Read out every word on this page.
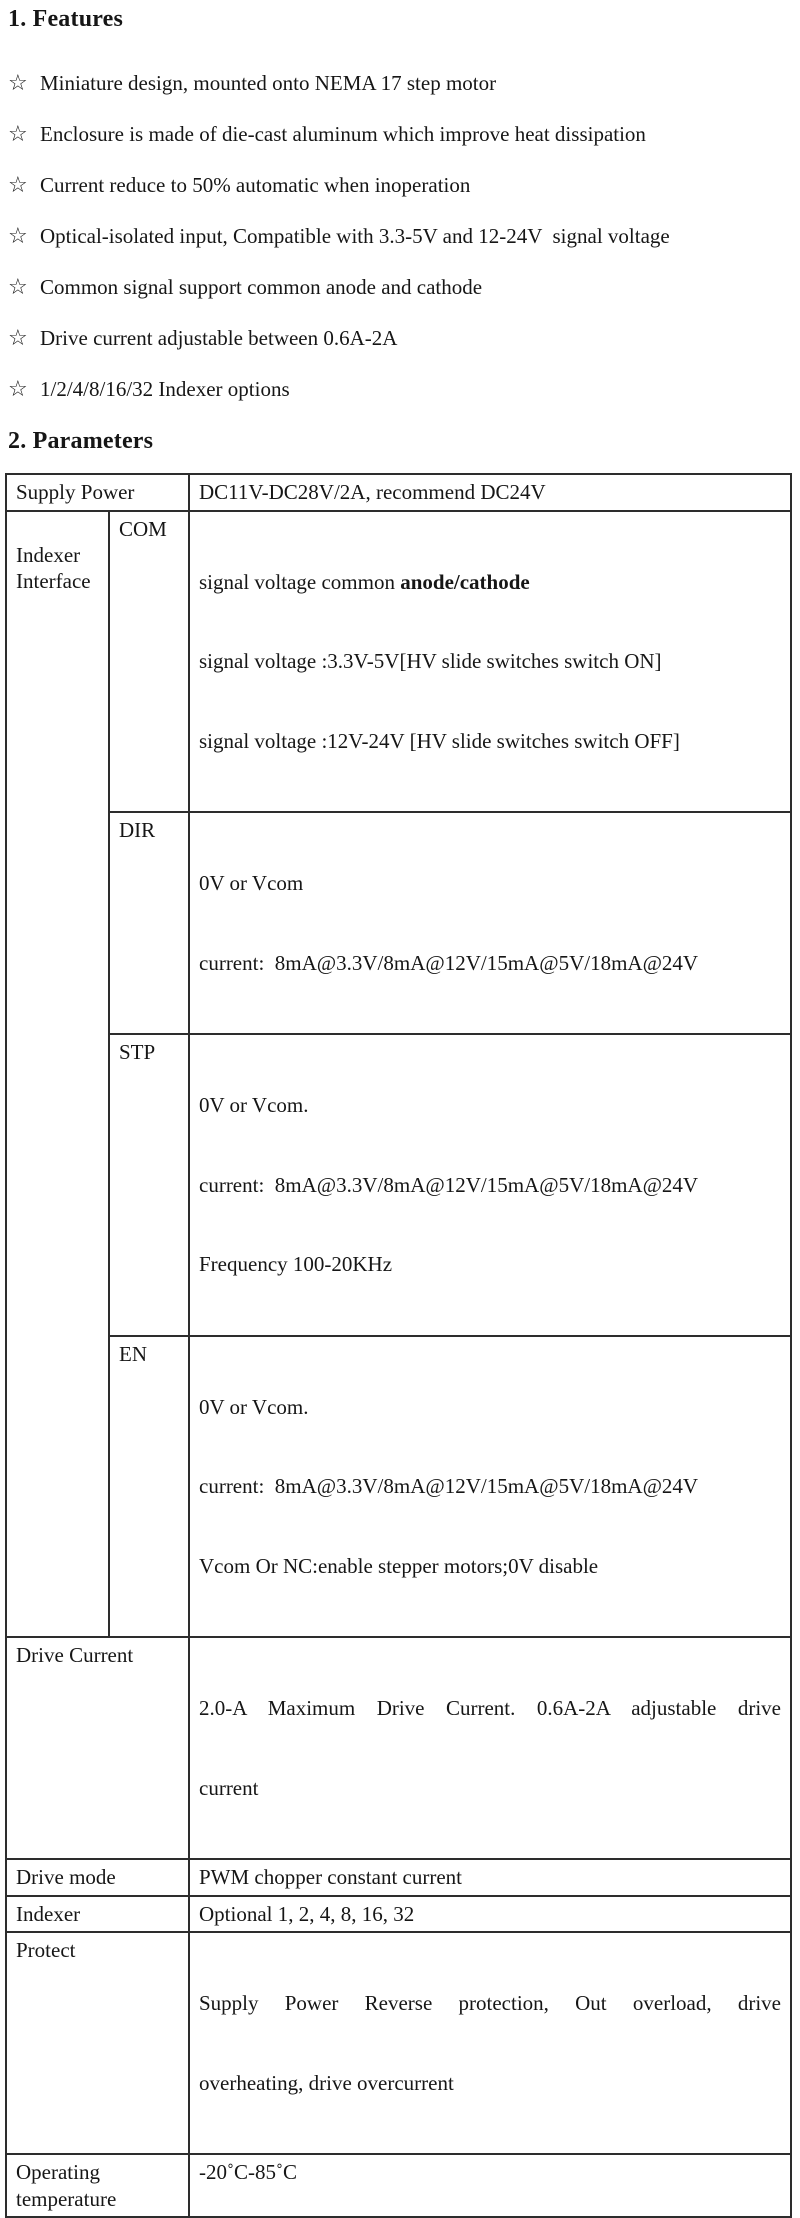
1. Features
☆ Miniature design, mounted onto NEMA 17 step motor
☆ Enclosure is made of die-cast aluminum which improve heat dissipation
☆ Current reduce to 50% automatic when inoperation
☆ Optical-isolated input, Compatible with 3.3-5V and 12-24V  signal voltage
☆ Common signal support common anode and cathode
☆ Drive current adjustable between 0.6A-2A
☆ 1/2/4/8/16/32 Indexer options
2. Parameters
Supply Power		DC11V-DC28V/2A, recommend DC24V
Indexer Interface	COM	signal voltage common anode/cathode

signal voltage :3.3V-5V[HV slide switches switch ON]

signal voltage :12V-24V [HV slide switches switch OFF]

	DIR	0V or Vcom

current:  8mA@3.3V/8mA@12V/15mA@5V/18mA@24V

	STP	0V or Vcom.

current:  8mA@3.3V/8mA@12V/15mA@5V/18mA@24V

Frequency 100-20KHz

	EN	0V or Vcom.

current:  8mA@3.3V/8mA@12V/15mA@5V/18mA@24V

Vcom Or NC:enable stepper motors;0V disable

Drive Current		2.0-A Maximum Drive Current. 0.6A-2A adjustable drive

current

Drive mode		PWM chopper constant current
Indexer		Optional 1, 2, 4, 8, 16, 32
Protect		Supply Power Reverse protection, Out overload, drive

overheating, drive overcurrent

Operating temperature		-20˚C-85˚C
